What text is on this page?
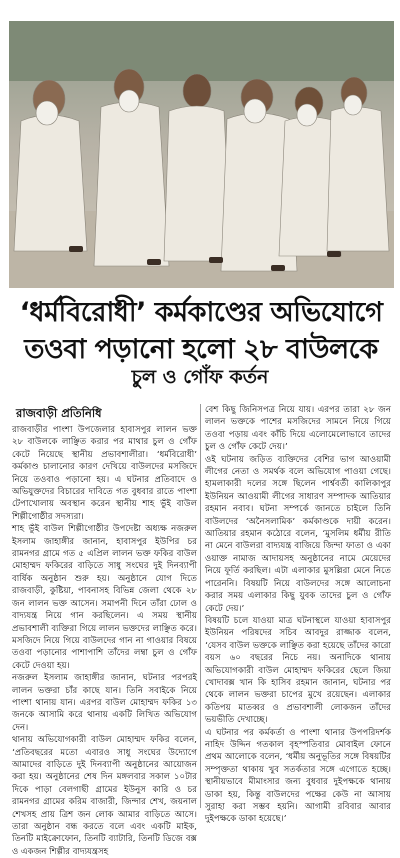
‘ধর্মবিরোধী’ কর্মকাণ্ডের অভিযোগে
তওবা পড়ানো হলো ২৮ বাউলকে
চুল ও গোঁফ কর্তন
রাজবাড়ী প্রতিনিধি

রাজবাড়ীর পাংশা উপজেলার হাবাসপুর লালন ভক্ত ২৮ বাউলকে লাঞ্ছিত করার পর মাথার চুল ও গোঁফ কেটে নিয়েছে স্থানীয় প্রভাবশালীরা। ‘ধর্মবিরোধী’ কর্মকাণ্ড চালানোর কারণ দেখিয়ে বাউলদের মসজিদে নিয়ে তওবাও পড়ানো হয়। এ ঘটনার প্রতিবাদে ও অভিযুক্তদের বিচারের দাবিতে গত বুধবার রাতে পাংশা টেপাখোলায় অবস্থান করেন স্থানীয় শাহ ভুঁই বাউল শিল্পীগোষ্ঠীর সদস্যরা।

শাহ ভুঁই বাউল শিল্পীগোষ্ঠীর উপদেষ্টা অধ্যক্ষ নজরুল ইসলাম জাহাঙ্গীর জানান, হাবাসপুর ইউপির চর রামনগর গ্রামে গত ৫ এপ্রিল লালন ভক্ত ফকির বাউল মোহাম্মদ ফকিরের বাড়িতে সাধু সংঘের দুই দিনব্যাপী বার্ষিক অনুষ্ঠান শুরু হয়। অনুষ্ঠানে যোগ দিতে রাজবাড়ী, কুষ্টিয়া, পাবনাসহ বিভিন্ন জেলা থেকে ২৮ জন লালন ভক্ত আসেন। সমাপনী দিনে তাঁরা ঢোল ও বাদ্যযন্ত্র নিয়ে গান করছিলেন। এ সময় স্থানীয় প্রভাবশালী ব্যক্তিরা গিয়ে লালন ভক্তদের লাঞ্ছিত করে। মসজিদে নিয়ে গিয়ে বাউলদের গান না গাওয়ার বিষয়ে তওবা পড়ানোর পাশাপাশি তাঁদের লম্বা চুল ও গোঁফ কেটে দেওয়া হয়।

নজরুল ইসলাম জাহাঙ্গীর জানান, ঘটনার পরপরই লালন ভক্তরা চাঁর কাছে যান। তিনি সবাইকে নিয়ে পাংশা থানায় যান। এরপর বাউল মোহাম্মদ ফকির ১৩ জনকে আসামি করে থানায় একটি লিখিত অভিযোগ দেন।

থানায় অভিযোগকারী বাউল মোহাম্মদ ফকির বলেন, ‘প্রতিবছরের মতো এবারও সাধু সংঘের উদ্যোগে আমাদের বাড়িতে দুই দিনব্যাপী অনুষ্ঠানের আয়োজন করা হয়। অনুষ্ঠানের শেষ দিন মঙ্গলবার সকাল ১০টার দিকে পাড়া বেলগাছী গ্রামের ইউনুস কারি ও চর রামনগর গ্রামের করিম বাজারী, জিন্দার শেখ, জয়নাল শেখসহ প্রায় ত্রিশ জন লোক আমার বাড়িতে আসে। তারা অনুষ্ঠান বন্ধ করতে বলে এবং একটি মাইক, তিনটি মাইক্রোফোন, তিনটি ব্যাটারি, তিনটি ডিজে বক্স ও একজন শিল্পীর বাদ্যযন্ত্রসহ

বেশ কিছু জিনিসপত্র নিয়ে যায়। এরপর তারা ২৮ জন লালন ভক্তকে পাশের মসজিদের সামনে নিয়ে গিয়ে তওবা পড়ায় এবং কাঁচি দিয়ে এলোমেলোভাবে তাদের চুল ও গোঁফ কেটে দেয়।’

ওই ঘটনায় জড়িত ব্যক্তিদের বেশির ভাগ আওয়ামী লীগের নেতা ও সমর্থক বলে অভিযোগ পাওয়া গেছে। হামলাকারী দলের সঙ্গে ছিলেন পার্শ্ববর্তী কালিকাপুর ইউনিয়ন আওয়ামী লীগের সাধারণ সম্পাদক আতিয়ার রহমান নবাব। ঘটনা সম্পর্কে জানতে চাইলে তিনি বাউলদের ‘অনৈসলামিক’ কর্মকাণ্ডকে দায়ী করেন। আতিয়ার রহমান কঠোরে বলেন, ‘মুসলিম ধর্মীয় রীতি না মেনে বাউলরা বাদ্যযন্ত্র বাজিয়ে জিন্দা ফাতা ও একা ওয়াক্ত নামাজ আদায়সহ অনুষ্ঠানের নামে মেয়েদের নিয়ে ফূর্তি করছিল। এটা এলাকার মুসল্লিরা মেনে নিতে পারেননি। বিষয়টি নিয়ে বাউলদের সঙ্গে আলোচনা করার সময় এলাকার কিছু যুবক তাদের চুল ও গোঁফ কেটে দেয়।’

বিষয়টি চলে যাওয়া মাত্র ঘটনাস্থলে যাওয়া হাবাসপুর ইউনিয়ন পরিষদের সচিব আবদুর রাজ্জাক বলেন, ‘যেসব বাউল ভক্তকে লাঞ্ছিত করা হয়েছে তাঁদের কারো বয়স ৬০ বছরের নিচে নয়। অনাদিকে থানায় অভিযোগকারী বাউল মোহাম্মদ ফকিরের ছেলে জিয়া খোদাবক্স খান কি হাসিব রহমান জানান, ঘটনার পর থেকে লালন ভক্তরা চাপের মুখে রয়েছেন। এলাকার কতিপয় মাতব্বর ও প্রভাবশালী লোকজন তাঁদের ভয়ভীতি দেখাচ্ছে।

এ ঘটনার পর কর্মকর্তা ও পাংশা থানার উপপরিদর্শক নাহিদ উদ্দিন গতকাল বৃহস্পতিবার মোবাইল ফোনে প্রথম আলোকে বলেন, ‘ধর্মীয় অনুভূতির সঙ্গে বিষয়টির সম্পৃক্ততা থাকায় খুব সতর্কতার সঙ্গে এগোতে হচ্ছে। স্থানীয়ভাবে মীমাংসার জন্য বুধবার দুইপক্ষকে থানায় ডাকা হয়, কিন্তু বাউলদের পক্ষের কেউ না আসায় সুরাহা করা সম্ভব হয়নি। আগামী রবিবার আবার দুইপক্ষকে ডাকা হয়েছে।’
